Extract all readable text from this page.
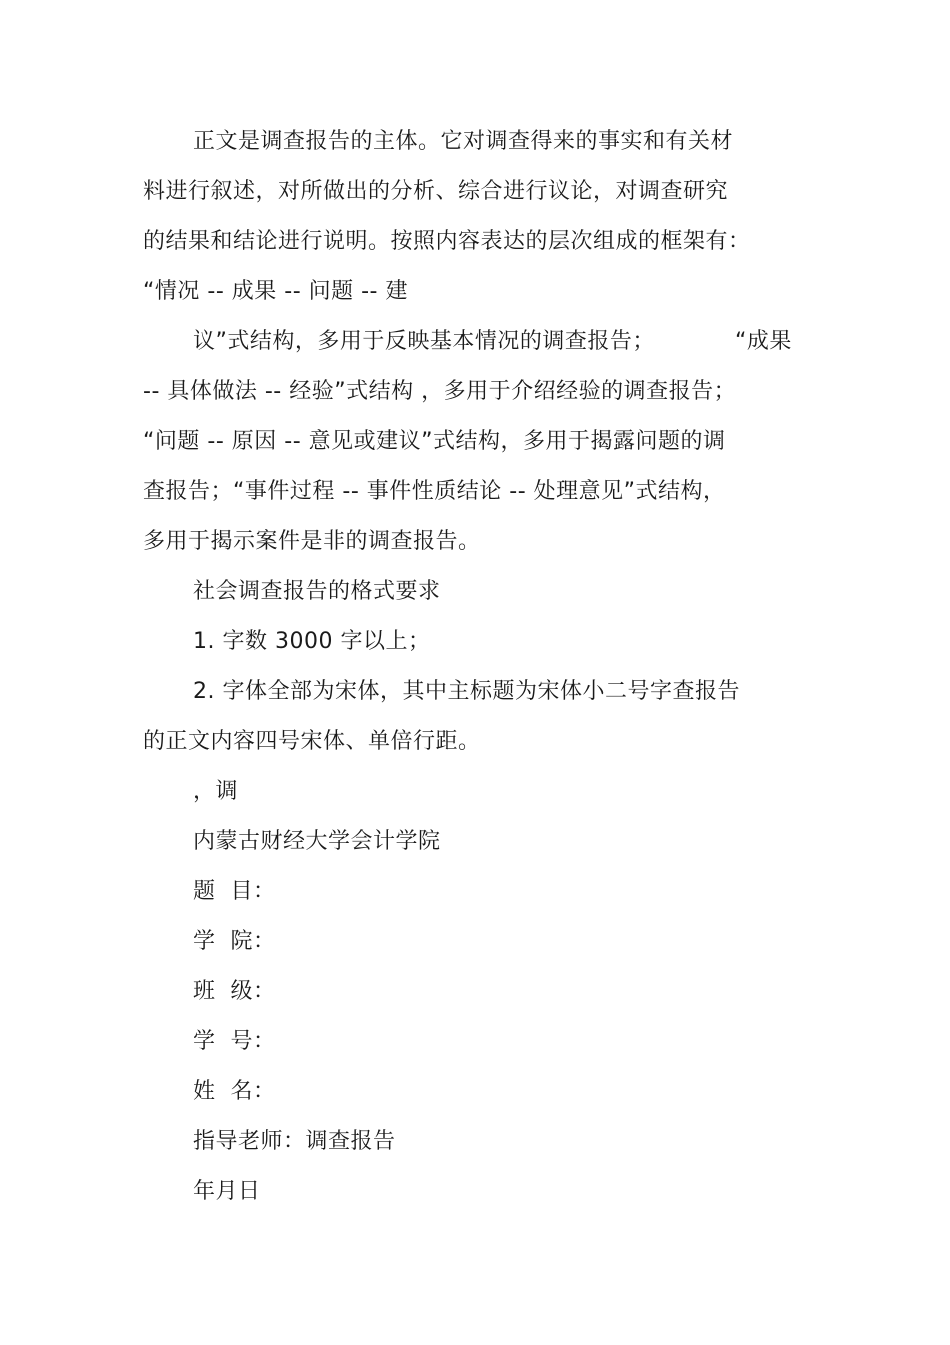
正文是调查报告的主体。它对调查得来的事实和有关材
料进行叙述，对所做出的分析、综合进行议论，对调查研究
的结果和结论进行说明。按照内容表达的层次组成的框架有：
“情况 -- 成果 -- 问题 -- 建
议”式结构，多用于反映基本情况的调查报告；	“成果
-- 具体做法 -- 经验”式结构 ，多用于介绍经验的调查报告；
“问题 -- 原因 -- 意见或建议”式结构，多用于揭露问题的调
查报告；“事件过程 -- 事件性质结论 -- 处理意见”式结构，
多用于揭示案件是非的调查报告。
社会调查报告的格式要求
1. 字数 3000 字以上；
2. 字体全部为宋体，其中主标题为宋体小二号字查报告
的正文内容四号宋体、单倍行距。
，调
内蒙古财经大学会计学院
题  目：
学  院：
班  级：
学  号：
姓  名：
指导老师：调查报告
年月日
